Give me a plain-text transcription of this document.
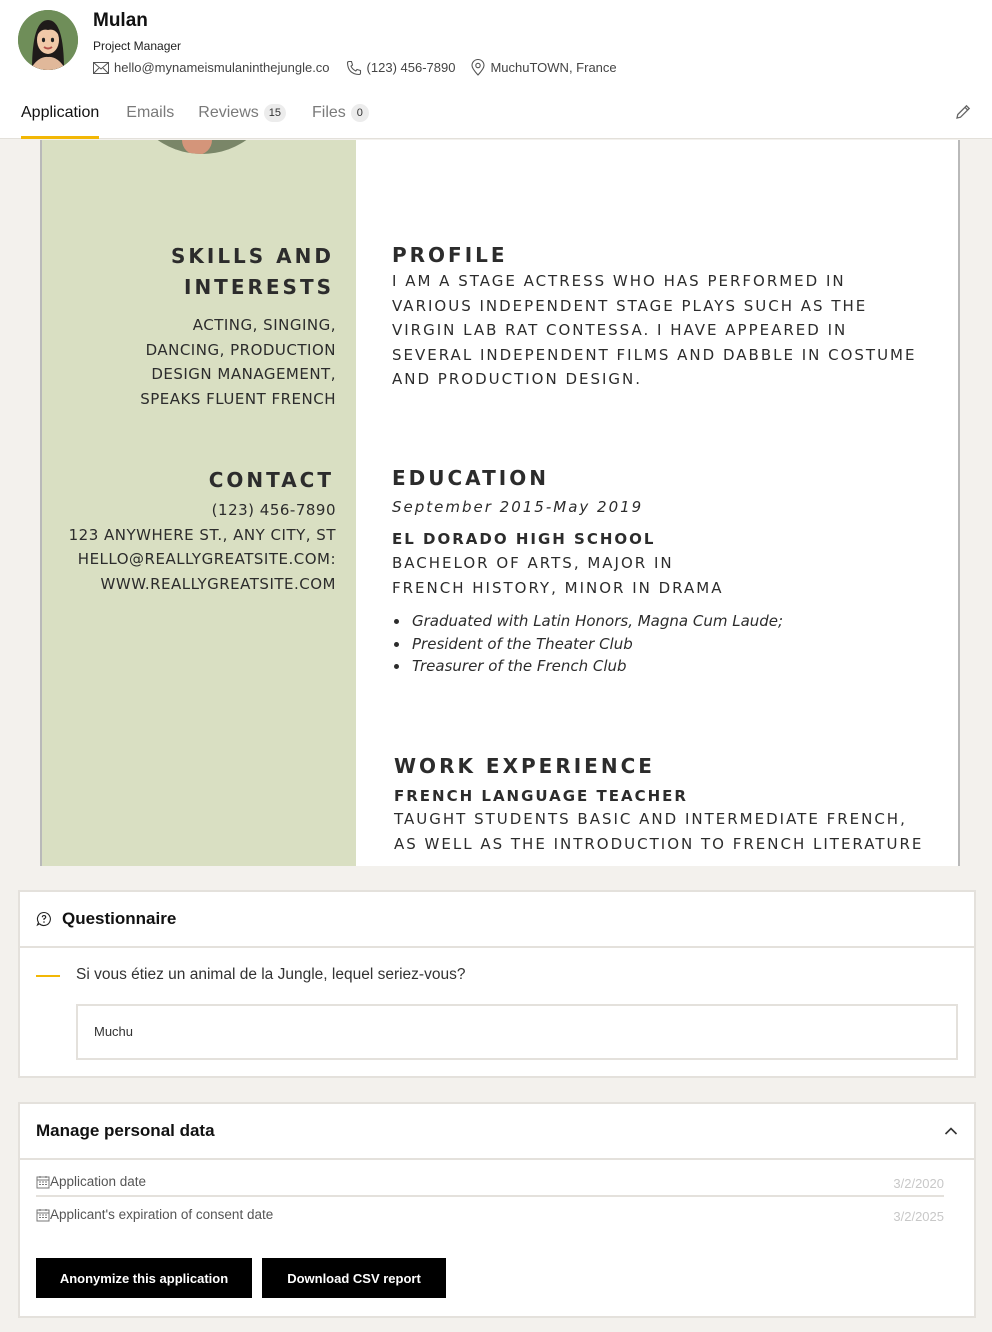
Mulan
Project Manager
hello@mynameismulaninthejungle.co	(123) 456-7890	MuchuTOWN, France
Application Emails Reviews 15	Files 0
SKILLS AND
INTERESTS
ACTING, SINGING,
DANCING, PRODUCTION
DESIGN MANAGEMENT,
SPEAKS FLUENT FRENCH
CONTACT
(123) 456-7890
123 ANYWHERE ST., ANY CITY, ST
HELLO@REALLYGREATSITE.COM:
WWW.REALLYGREATSITE.COM
PROFILE
I AM A STAGE ACTRESS WHO HAS PERFORMED IN
VARIOUS INDEPENDENT STAGE PLAYS SUCH AS THE
VIRGIN LAB RAT CONTESSA. I HAVE APPEARED IN
SEVERAL INDEPENDENT FILMS AND DABBLE IN COSTUME
AND PRODUCTION DESIGN.
EDUCATION
September 2015-May 2019
EL DORADO HIGH SCHOOL
BACHELOR OF ARTS, MAJOR IN
FRENCH HISTORY, MINOR IN DRAMA
Graduated with Latin Honors, Magna Cum Laude;
President of the Theater Club
Treasurer of the French Club
WORK EXPERIENCE
FRENCH LANGUAGE TEACHER
TAUGHT STUDENTS BASIC AND INTERMEDIATE FRENCH,
AS WELL AS THE INTRODUCTION TO FRENCH LITERATURE
Questionnaire
Si vous étiez un animal de la Jungle, lequel seriez-vous?
Muchu
Manage personal data
Application date	3/2/2020
Applicant's expiration of consent date	3/2/2025
Anonymize this application	Download CSV report
